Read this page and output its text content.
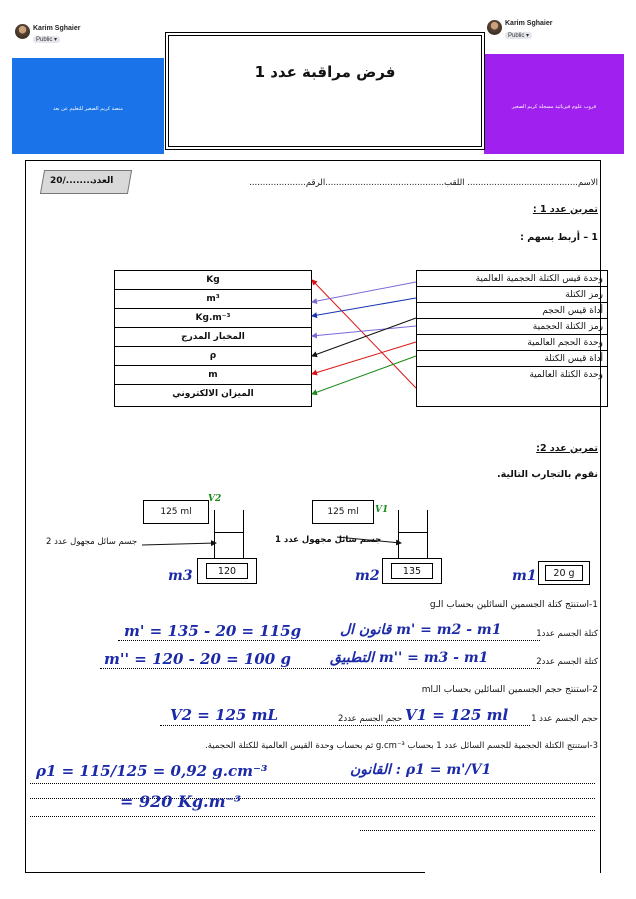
Karim Sghaier
Public ▾
منصة كريم الصغير للتعليم عن بعد
Karim Sghaier
Public ▾
قروب علوم فيزيائية مسجلة كريم الصغير
فرض مراقبة عدد 1
20/........
العدد	الاسم......................................... اللقب............................................الرقم.....................
تمرين عدد 1 :
1 – أربط بسهم :
Kg
m³
Kg.m⁻³
المخبار المدرج
ρ
m
الميزان الالكتروني
وحدة قيس الكتلة الحجمية العالمية
رمز الكتلة
أداة قيس الحجم
رمز الكتلة الحجمية
وحدة الحجم العالمية
أداة قيس الكتلة
وحدة الكتلة العالمية
تمرين عدد 2:
نقوم بالتجارب التالية.
125 ml
V2
120
m3
جسم سائل مجهول عدد 2
125 ml V1
135
m2
جسم سائل مجهول عدد 1
20 g
m1
1-استنتج كتلة الجسمين السائلين بحساب الـg
كتلة الجسم عدد1
m' = 135 - 20 = 115g	قانون ال m' = m2 - m1
كتلة الجسم عدد2
m'' = 120 - 20 = 100 g	التطبيق m'' = m3 - m1
2-استنتج حجم الجسمين السائلين بحساب الـml
حجم الجسم عدد 1
V1 = 125 ml
حجم الجسم عدد2
V2 = 125 mL
3-استنتج الكتلة الحجمية للجسم السائل عدد 1 بحساب g.cm⁻³ ثم بحساب وحدة القيس العالمية للكتلة الحجمية.
ρ1 = 115/125 = 0,92 g.cm⁻³	القانون : ρ1 = m'/V1
= 920 Kg.m⁻³
